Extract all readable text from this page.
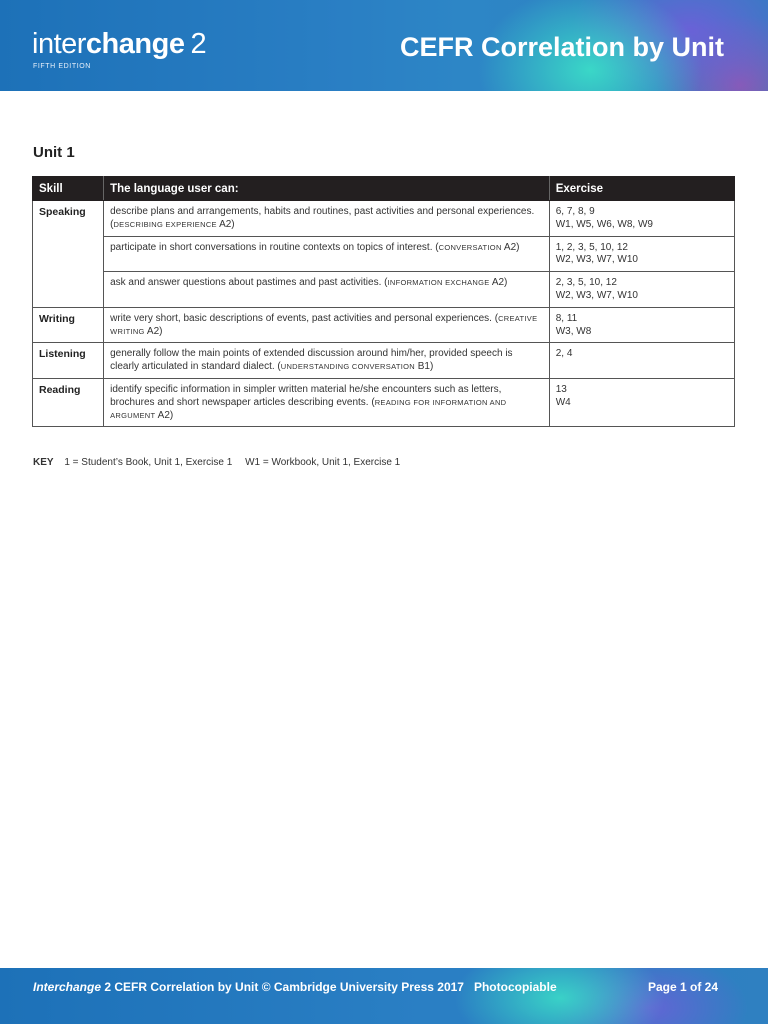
interchange 2
FIFTH EDITION
CEFR Correlation by Unit
Unit 1
Skill	The language user can:	Exercise
Speaking	describe plans and arrangements, habits and routines, past activities and personal experiences. (DESCRIBING EXPERIENCE A2)	6, 7, 8, 9
W1, W5, W6, W8, W9

	participate in short conversations in routine contexts on topics of interest. (CONVERSATION A2)	1, 2, 3, 5, 10, 12
W2, W3, W7, W10

	ask and answer questions about pastimes and past activities. (INFORMATION EXCHANGE A2)	2, 3, 5, 10, 12
W2, W3, W7, W10

Writing	write very short, basic descriptions of events, past activities and personal experiences. (CREATIVE WRITING A2)	8, 11
W3, W8

Listening	generally follow the main points of extended discussion around him/her, provided speech is clearly articulated in standard dialect. (UNDERSTANDING CONVERSATION B1)	2, 4

Reading	identify specific information in simpler written material he/she encounters such as letters, brochures and short newspaper articles describing events. (READING FOR INFORMATION AND ARGUMENT A2)	13
W4
KEY 1 = Student’s Book, Unit 1, Exercise 1 W1 = Workbook, Unit 1, Exercise 1
Interchange 2 CEFR Correlation by Unit © Cambridge University Press 2017 Photocopiable	Page 1 of 24
